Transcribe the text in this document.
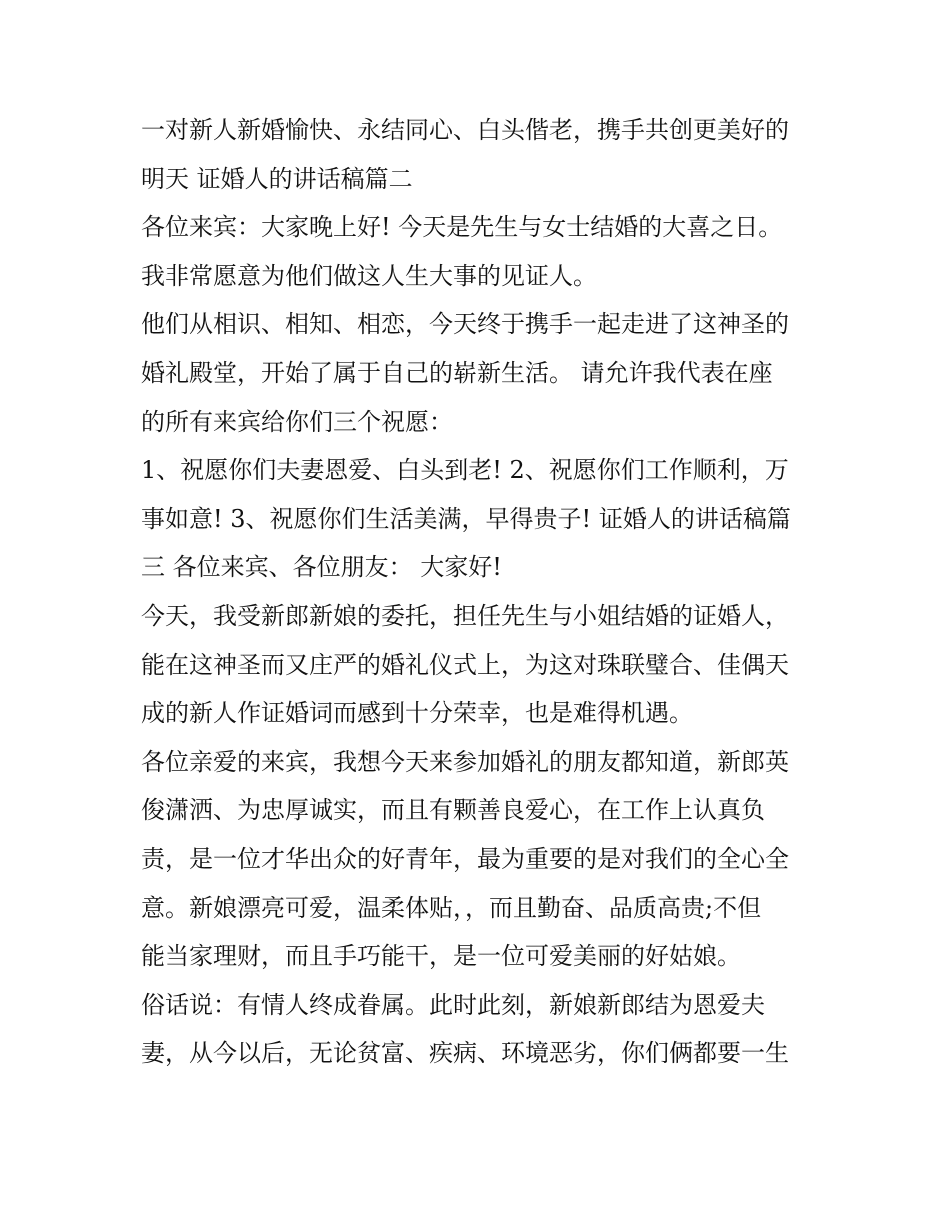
一对新人新婚愉快、永结同心、白头偕老，携手共创更美好的
明天 证婚人的讲话稿篇二
各位来宾：大家晚上好! 今天是先生与女士结婚的大喜之日。
我非常愿意为他们做这人生大事的见证人。
他们从相识、相知、相恋，今天终于携手一起走进了这神圣的
婚礼殿堂，开始了属于自己的崭新生活。 请允许我代表在座
的所有来宾给你们三个祝愿：
1、祝愿你们夫妻恩爱、白头到老! 2、祝愿你们工作顺利，万
事如意! 3、祝愿你们生活美满，早得贵子! 证婚人的讲话稿篇
三 各位来宾、各位朋友： 大家好!
今天，我受新郎新娘的委托，担任先生与小姐结婚的证婚人，
能在这神圣而又庄严的婚礼仪式上，为这对珠联璧合、佳偶天
成的新人作证婚词而感到十分荣幸，也是难得机遇。
各位亲爱的来宾，我想今天来参加婚礼的朋友都知道，新郎英
俊潇洒、为忠厚诚实，而且有颗善良爱心，在工作上认真负
责，是一位才华出众的好青年，最为重要的是对我们的全心全
意。新娘漂亮可爱，温柔体贴，，而且勤奋、品质高贵;不但
能当家理财，而且手巧能干，是一位可爱美丽的好姑娘。
俗话说：有情人终成眷属。此时此刻，新娘新郎结为恩爱夫
妻，从今以后，无论贫富、疾病、环境恶劣，你们俩都要一生
